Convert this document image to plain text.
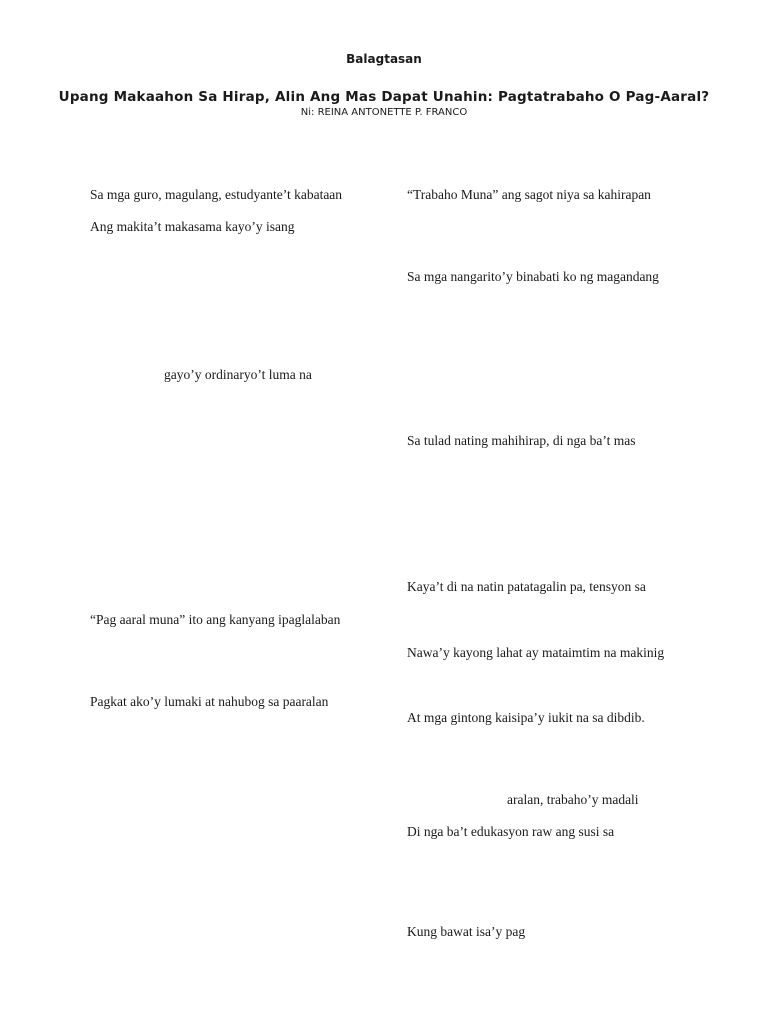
Balagtasan
Upang Makaahon Sa Hirap, Alin Ang Mas Dapat Unahin: Pagtatrabaho O Pag-Aaral?
Ni: REINA ANTONETTE P. FRANCO
Sa mga guro, magulang, estudyante’t kabataan
Ang makita’t makasama kayo’y isang
gayo’y ordinaryo’t luma na
“Pag aaral muna” ito ang kanyang ipaglalaban
Pagkat ako’y lumaki at nahubog sa paaralan
“Trabaho Muna” ang sagot niya sa kahirapan
Sa mga nangarito’y binabati ko ng magandang
Sa tulad nating mahihirap, di nga ba’t mas
Kaya’t di na natin patatagalin pa, tensyon sa
Nawa’y kayong lahat ay mataimtim na makinig
At mga gintong kaisipa’y iukit na sa dibdib.
aralan, trabaho’y madali
Di nga ba’t edukasyon raw ang susi sa
Kung bawat isa’y pag
